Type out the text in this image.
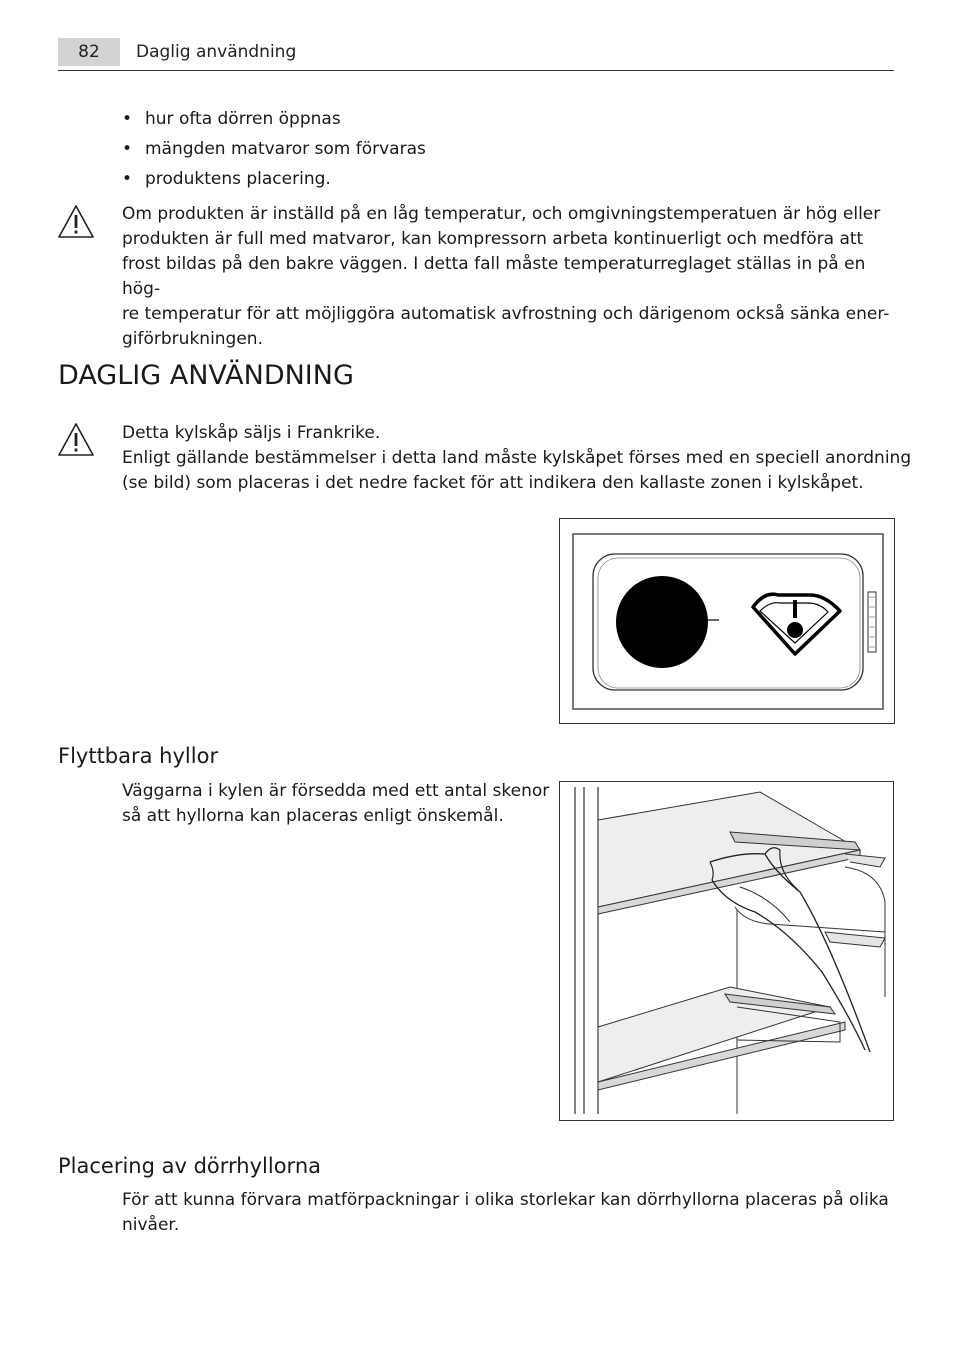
82	Daglig användning
• hur ofta dörren öppnas
• mängden matvaror som förvaras
• produktens placering.
Om produkten är inställd på en låg temperatur, och omgivningstemperatuen är hög eller
produkten är full med matvaror, kan kompressorn arbeta kontinuerligt och medföra att
frost bildas på den bakre väggen. I detta fall måste temperaturreglaget ställas in på en hög-
re temperatur för att möjliggöra automatisk avfrostning och därigenom också sänka ener-
giförbrukningen.
DAGLIG ANVÄNDNING
Detta kylskåp säljs i Frankrike.
Enligt gällande bestämmelser i detta land måste kylskåpet förses med en speciell anordning
(se bild) som placeras i det nedre facket för att indikera den kallaste zonen i kylskåpet.
Flyttbara hyllor
Väggarna i kylen är försedda med ett antal skenor
så att hyllorna kan placeras enligt önskemål.
Placering av dörrhyllorna
För att kunna förvara matförpackningar i olika storlekar kan dörrhyllorna placeras på olika
nivåer.
